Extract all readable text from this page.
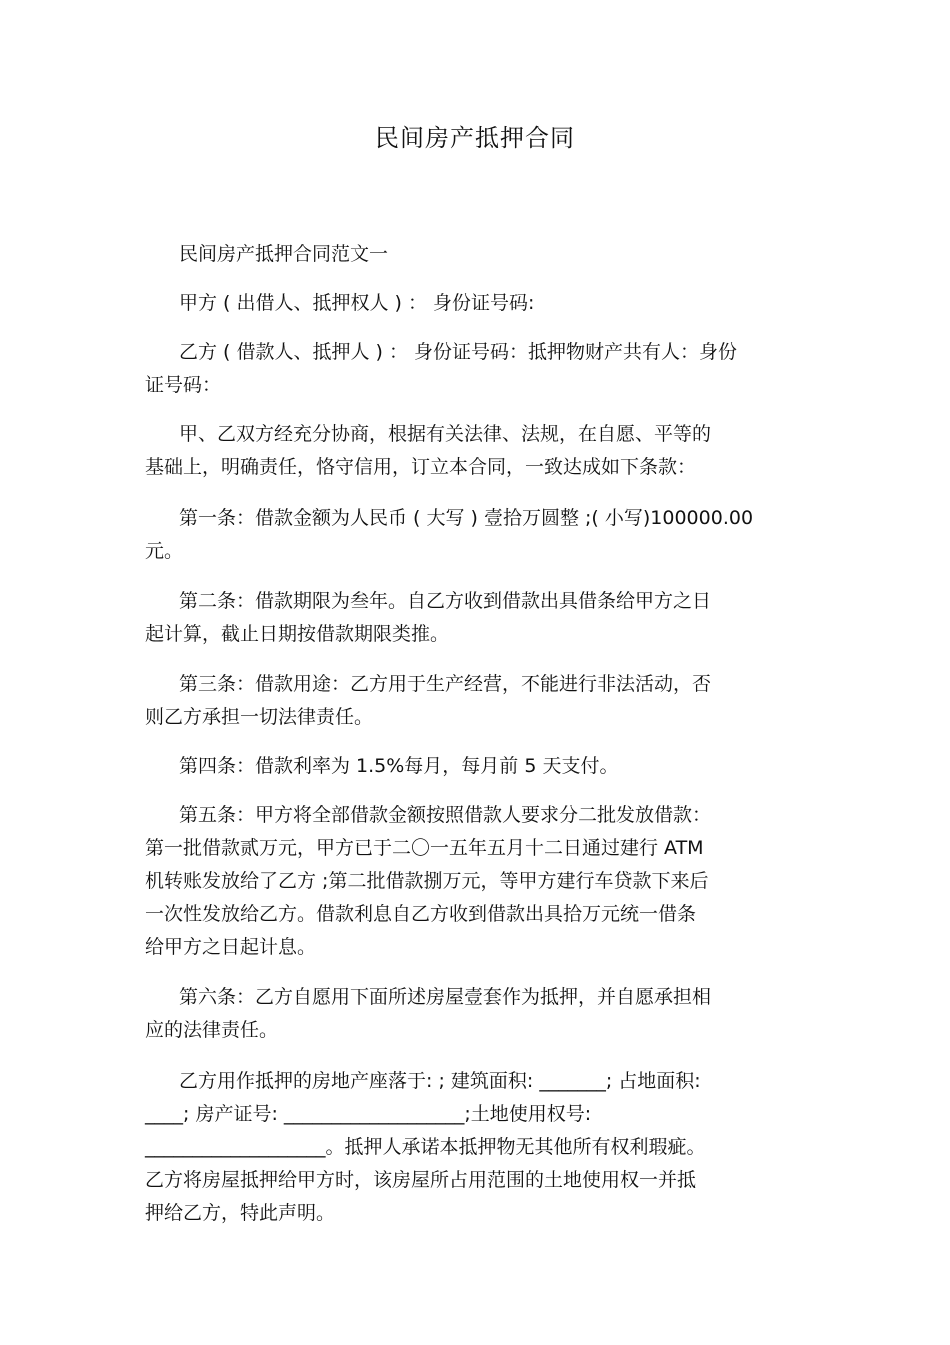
民间房产抵押合同
民间房产抵押合同范文一
甲方 ( 出借人、抵押权人 ) ： 身份证号码:
乙方 ( 借款人、抵押人 ) ： 身份证号码：抵押物财产共有人：身份
证号码：
甲、乙双方经充分协商，根据有关法律、法规，在自愿、平等的
基础上，明确责任，恪守信用，订立本合同，一致达成如下条款：
第一条：借款金额为人民币 ( 大写 ) 壹拾万圆整 ;( 小写)100000.00
元。
第二条：借款期限为叁年。自乙方收到借款出具借条给甲方之日
起计算，截止日期按借款期限类推。
第三条：借款用途：乙方用于生产经营，不能进行非法活动，否
则乙方承担一切法律责任。
第四条：借款利率为 1.5%每月，每月前 5 天支付。
第五条：甲方将全部借款金额按照借款人要求分二批发放借款：
第一批借款贰万元，甲方已于二〇一五年五月十二日通过建行 ATM
机转账发放给了乙方 ;第二批借款捌万元，等甲方建行车贷款下来后
一次性发放给乙方。借款利息自乙方收到借款出具拾万元统一借条
给甲方之日起计息。
第六条：乙方自愿用下面所述房屋壹套作为抵押，并自愿承担相
应的法律责任。
乙方用作抵押的房地产座落于: ; 建筑面积: _______; 占地面积:
____; 房产证号: ___________________;土地使用权号:
___________________。抵押人承诺本抵押物无其他所有权利瑕疵。
乙方将房屋抵押给甲方时，该房屋所占用范围的土地使用权一并抵
押给乙方，特此声明。
